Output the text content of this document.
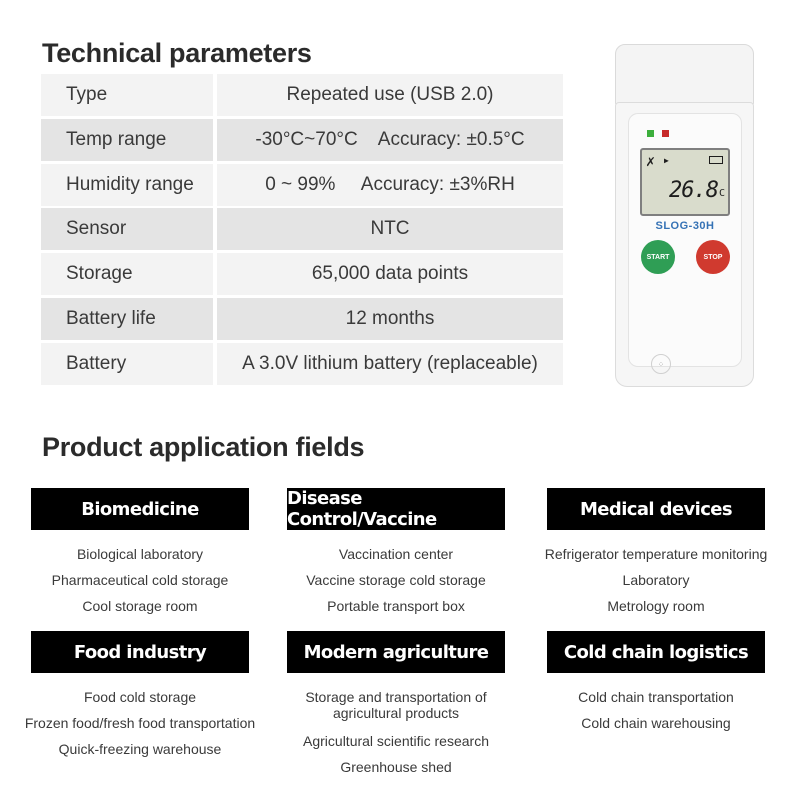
Technical parameters
Type	Repeated use (USB 2.0)
Temp range	-30°C~70°C    Accuracy: ±0.5°C
Humidity range	0 ~ 99%     Accuracy: ±3%RH
Sensor	NTC
Storage	65,000 data points
Battery life	12 months
Battery	A 3.0V lithium battery (replaceable)
✗ ▶
26.8 C
SLOG-30H
START	STOP
⁘
Product application fields
Biomedicine
Biological laboratory
Pharmaceutical cold storage
Cool storage room
Disease Control/Vaccine
Vaccination center
Vaccine storage cold storage
Portable transport box
Medical devices
Refrigerator temperature monitoring
Laboratory
Metrology room
Food industry
Food cold storage
Frozen food/fresh food transportation
Quick-freezing warehouse
Modern agriculture
Storage and transportation of agricultural products
Agricultural scientific research
Greenhouse shed
Cold chain logistics
Cold chain transportation
Cold chain warehousing
